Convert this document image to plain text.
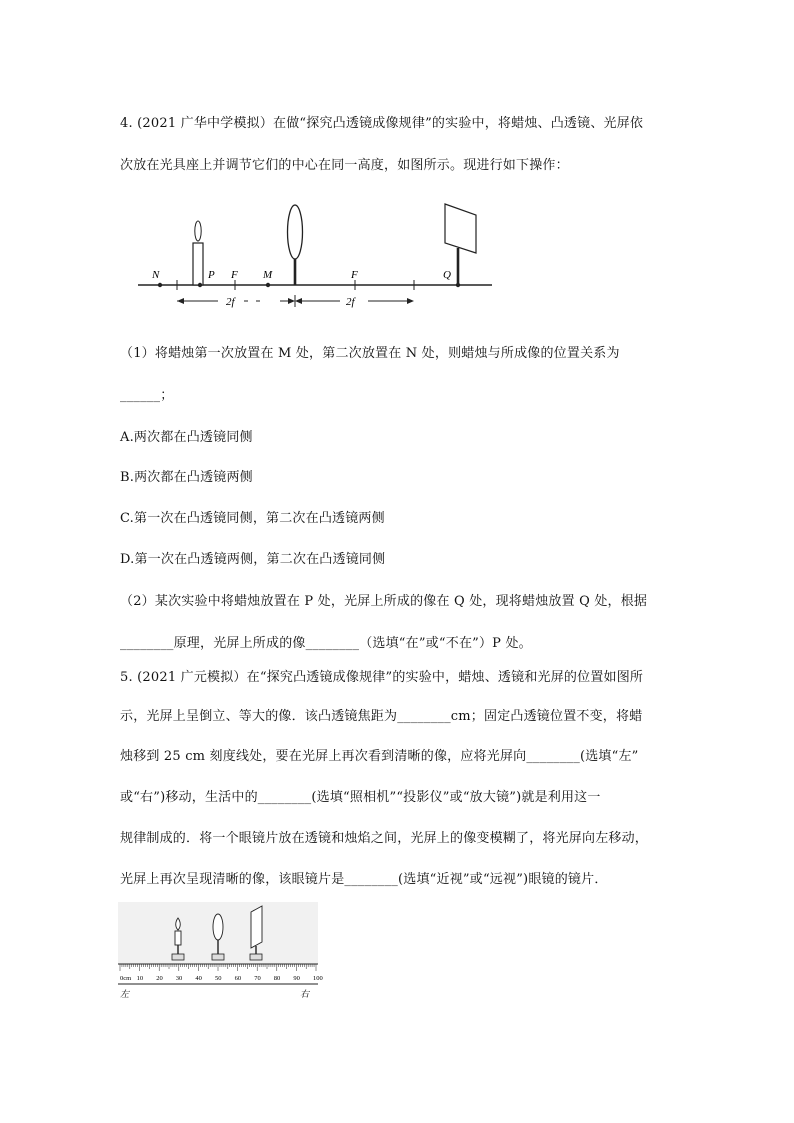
4. (2021 广华中学模拟）在做“探究凸透镜成像规律”的实验中，将蜡烛、凸透镜、光屏依
次放在光具座上并调节它们的中心在同一高度，如图所示。现进行如下操作：
N	P F M	F	Q
2f	2f
（1）将蜡烛第一次放置在 M 处，第二次放置在 N 处，则蜡烛与所成像的位置关系为
______；
A.两次都在凸透镜同侧
B.两次都在凸透镜两侧
C.第一次在凸透镜同侧，第二次在凸透镜两侧
D.第一次在凸透镜两侧，第二次在凸透镜同侧
（2）某次实验中将蜡烛放置在 P 处，光屏上所成的像在 Q 处，现将蜡烛放置 Q 处，根据
________原理，光屏上所成的像________（选填“在”或“不在”）P 处。
5. (2021 广元模拟）在“探究凸透镜成像规律”的实验中，蜡烛、透镜和光屏的位置如图所
示，光屏上呈倒立、等大的像．该凸透镜焦距为________cm；固定凸透镜位置不变，将蜡
烛移到 25 cm 刻度线处，要在光屏上再次看到清晰的像，应将光屏向________(选填“左”
或“右”)移动，生活中的________(选填“照相机”“投影仪”或“放大镜”)就是利用这一
规律制成的．将一个眼镜片放在透镜和烛焰之间，光屏上的像变模糊了，将光屏向左移动，
光屏上再次呈现清晰的像，该眼镜片是________(选填“近视”或“远视”)眼镜的镜片．
0cm 10 20 30 40 50 60 70 80 90 100
左	右
